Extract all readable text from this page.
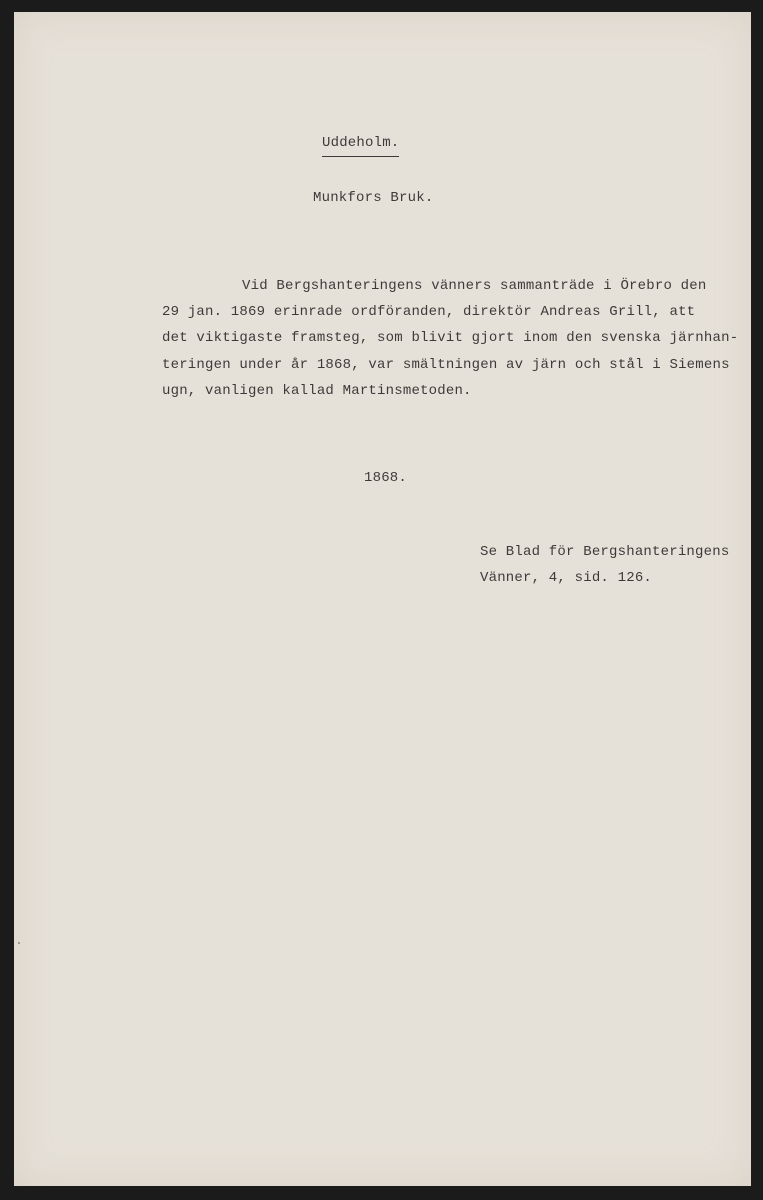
Uddeholm.

Munkfors Bruk.

Vid Bergshanteringens vänners sammanträde i Örebro den
29 jan. 1869 erinrade ordföranden, direktör Andreas Grill, att
det viktigaste framsteg, som blivit gjort inom den svenska järnhan-
teringen under år 1868, var smältningen av järn och stål i Siemens
ugn, vanligen kallad Martinsmetoden.

1868.

Se Blad för Bergshanteringens
Vänner, 4, sid. 126.
